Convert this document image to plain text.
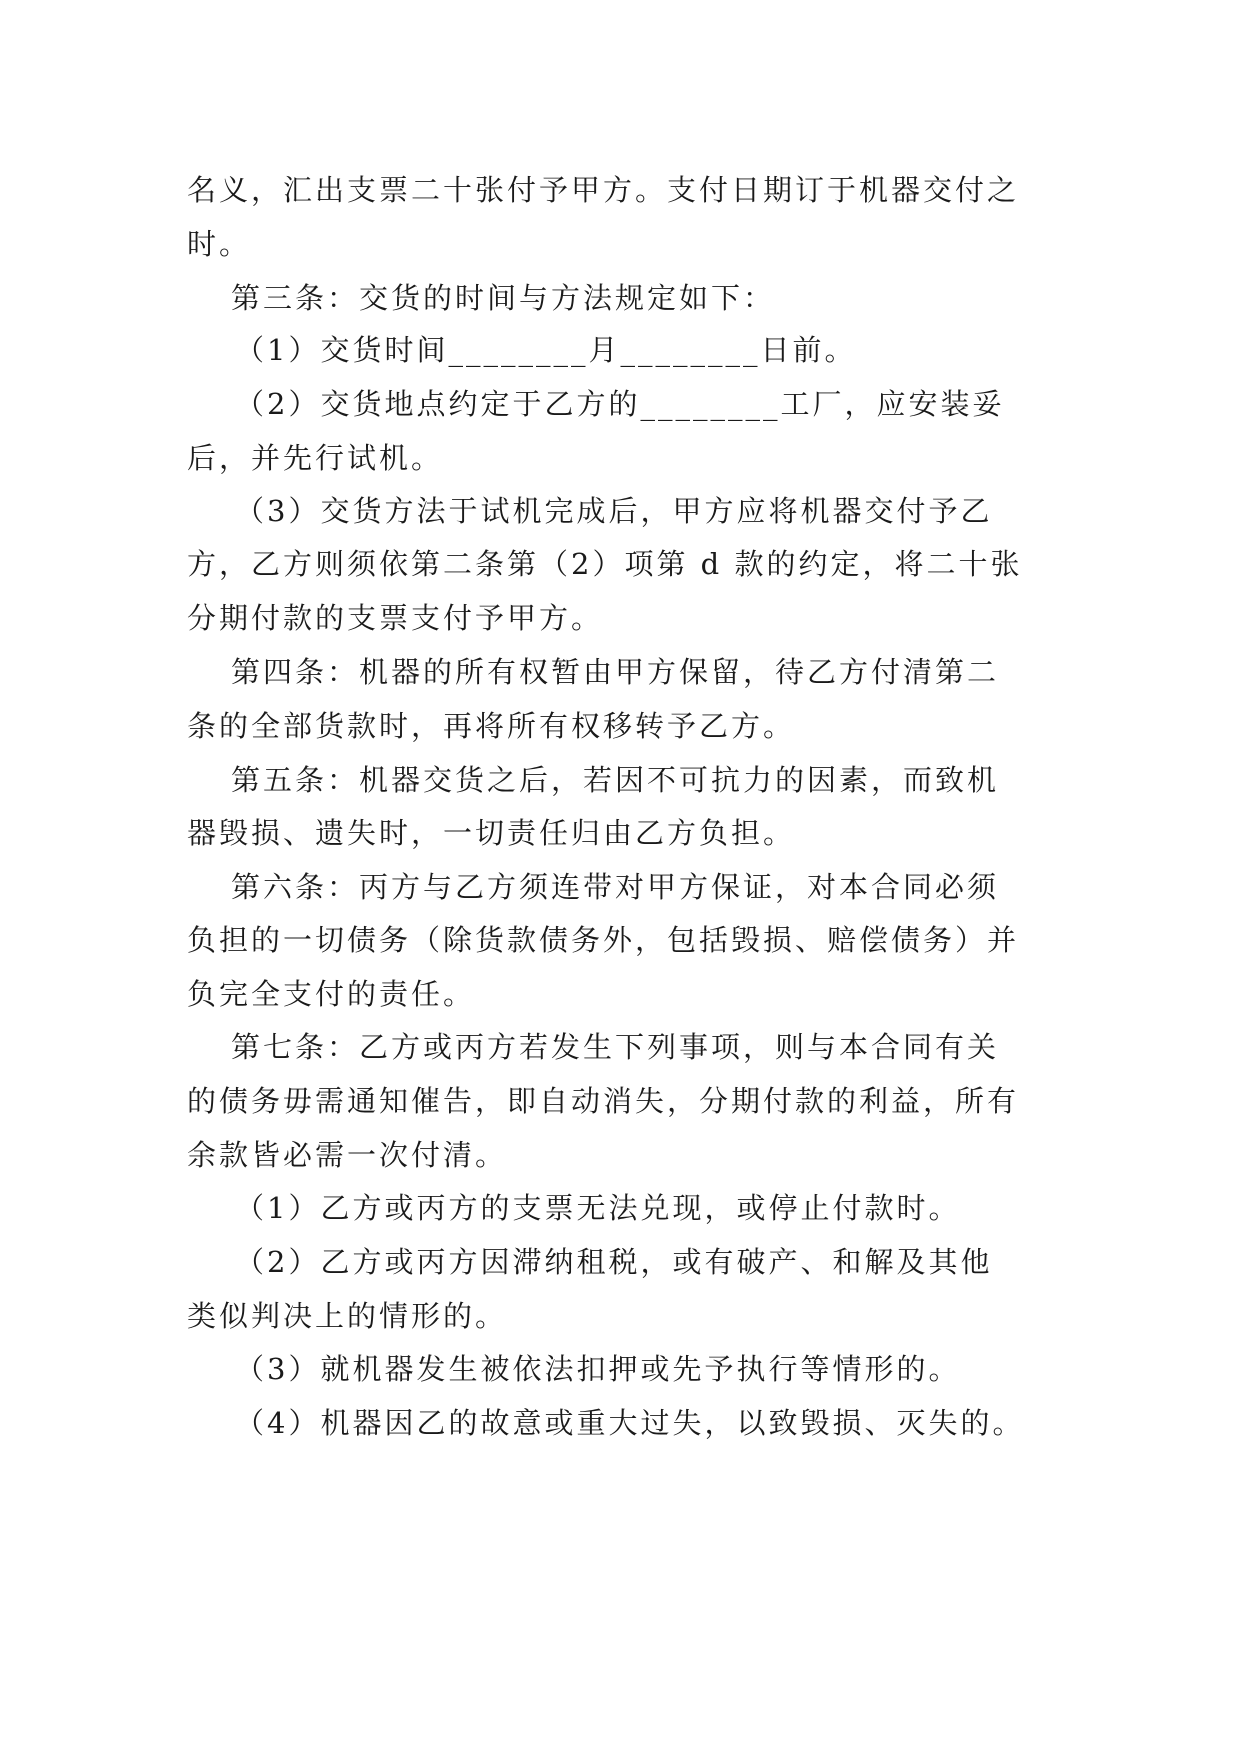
名义，汇出支票二十张付予甲方。支付日期订于机器交付之

时。

第三条：交货的时间与方法规定如下：

（1）交货时间________月________日前。

（2）交货地点约定于乙方的________工厂，应安装妥

后，并先行试机。

（3）交货方法于试机完成后，甲方应将机器交付予乙

方，乙方则须依第二条第（2）项第 d 款的约定，将二十张

分期付款的支票支付予甲方。

第四条：机器的所有权暂由甲方保留，待乙方付清第二

条的全部货款时，再将所有权移转予乙方。

第五条：机器交货之后，若因不可抗力的因素，而致机

器毁损、遗失时，一切责任归由乙方负担。

第六条：丙方与乙方须连带对甲方保证，对本合同必须

负担的一切债务（除货款债务外，包括毁损、赔偿债务）并

负完全支付的责任。

第七条：乙方或丙方若发生下列事项，则与本合同有关

的债务毋需通知催告，即自动消失，分期付款的利益，所有

余款皆必需一次付清。

（1）乙方或丙方的支票无法兑现，或停止付款时。

（2）乙方或丙方因滞纳租税，或有破产、和解及其他

类似判决上的情形的。

（3）就机器发生被依法扣押或先予执行等情形的。

（4）机器因乙的故意或重大过失，以致毁损、灭失的。
